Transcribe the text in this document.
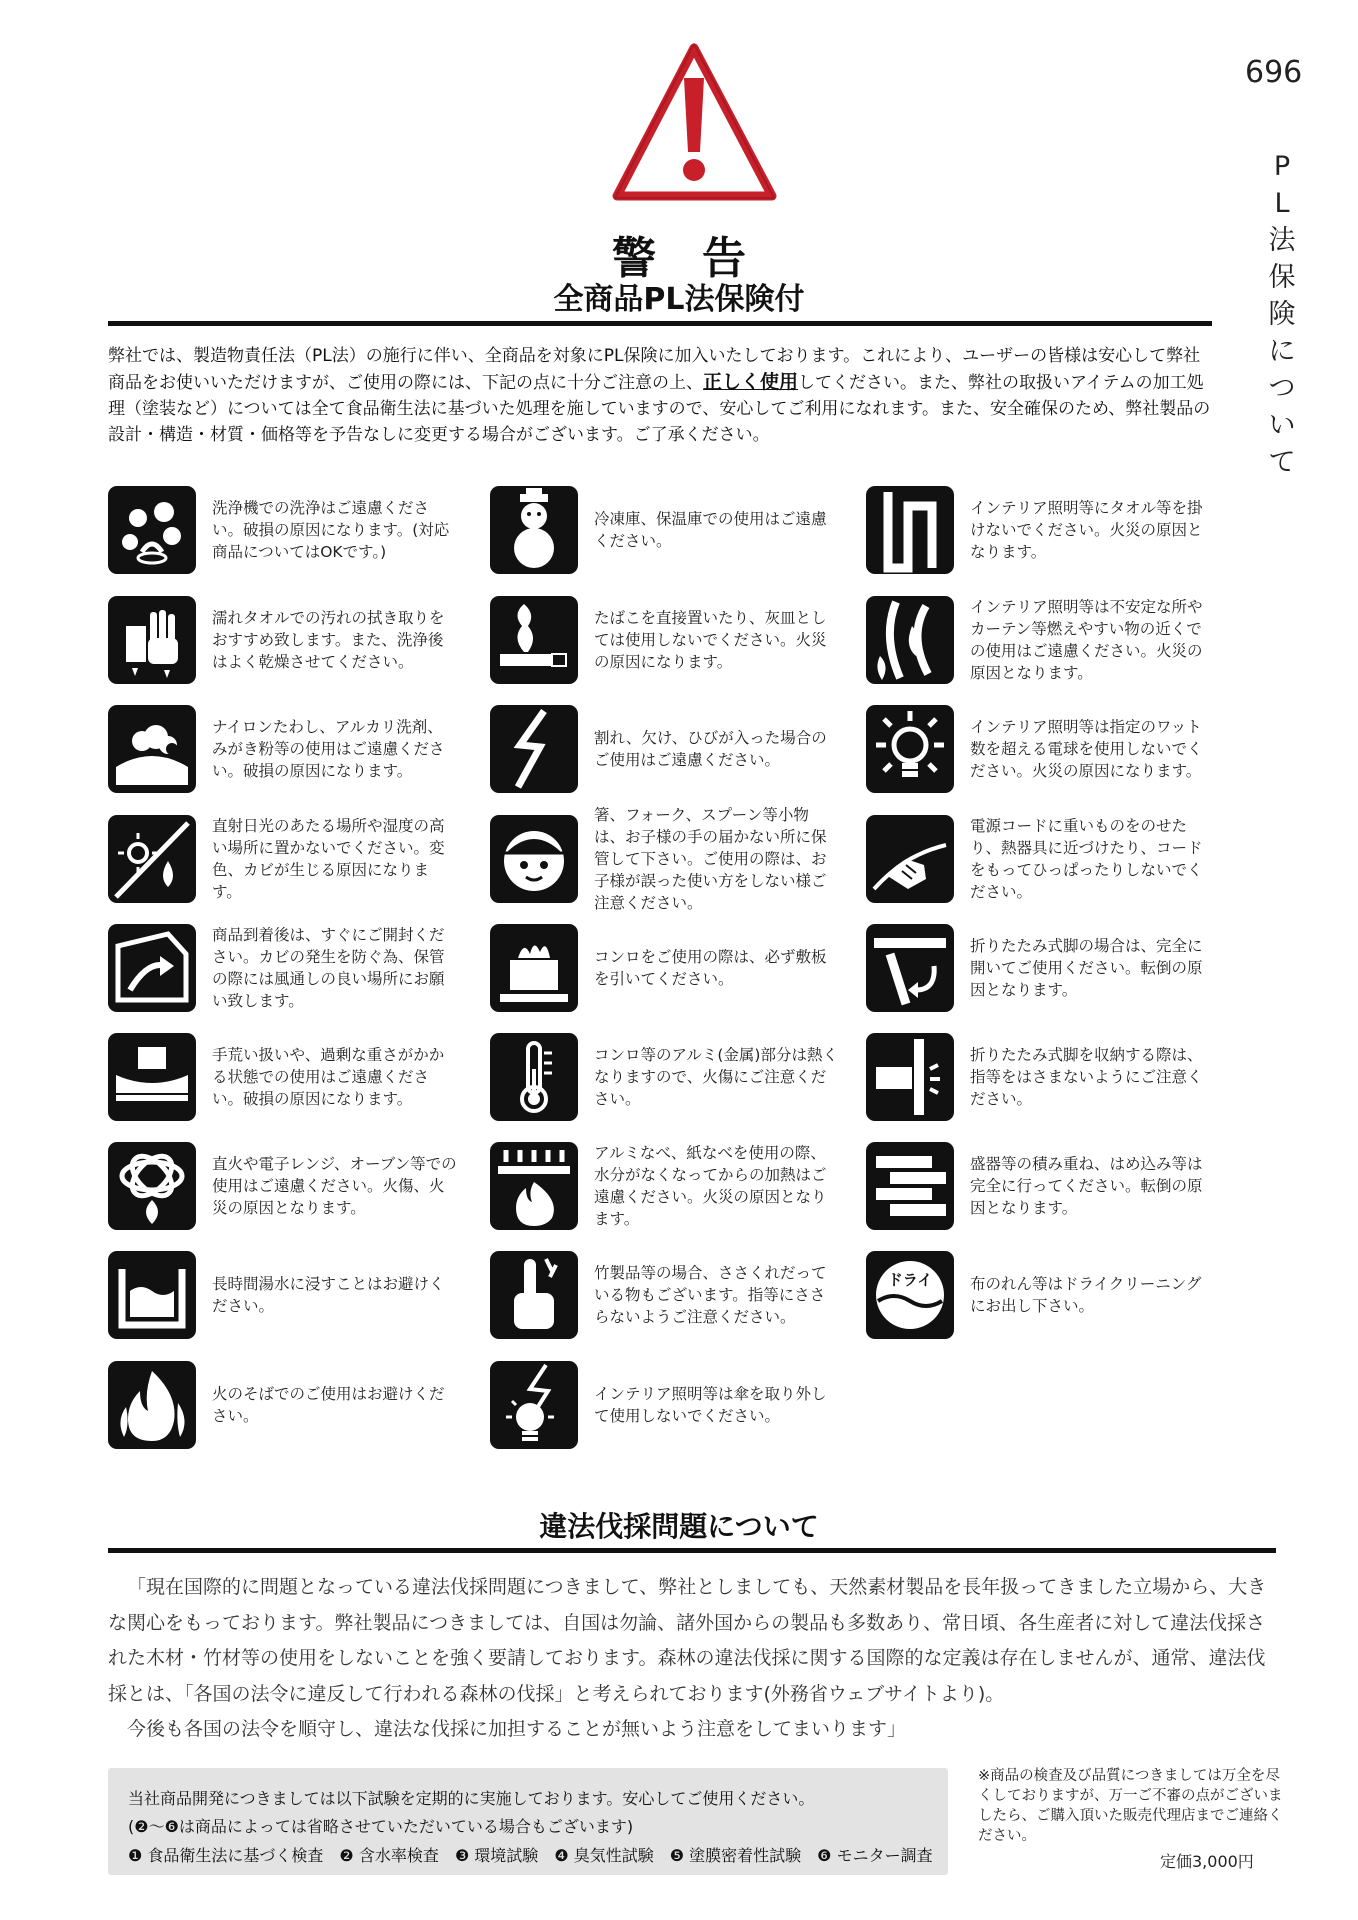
696
P
L
法
保
険
に
つ
い
て
警告
全商品PL法保険付
弊社では、製造物責任法（PL法）の施行に伴い、全商品を対象にPL保険に加入いたしております。これにより、ユーザーの皆様は安心して弊社商品をお使いいただけますが、ご使用の際には、下記の点に十分ご注意の上、正しく使用してください。また、弊社の取扱いアイテムの加工処理（塗装など）については全て食品衛生法に基づいた処理を施していますので、安心してご利用になれます。また、安全確保のため、弊社製品の設計・構造・材質・価格等を予告なしに変更する場合がございます。ご了承ください。
洗浄機での洗浄はご遠慮ください。破損の原因になります。(対応商品についてはOKです。)
濡れタオルでの汚れの拭き取りをおすすめ致します。また、洗浄後はよく乾燥させてください。
ナイロンたわし、アルカリ洗剤、みがき粉等の使用はご遠慮ください。破損の原因になります。
直射日光のあたる場所や湿度の高い場所に置かないでください。変色、カビが生じる原因になります。
商品到着後は、すぐにご開封ください。カビの発生を防ぐ為、保管の際には風通しの良い場所にお願い致します。
手荒い扱いや、過剰な重さがかかる状態での使用はご遠慮ください。破損の原因になります。
直火や電子レンジ、オーブン等での使用はご遠慮ください。火傷、火災の原因となります。
長時間湯水に浸すことはお避けください。
火のそばでのご使用はお避けください。
冷凍庫、保温庫での使用はご遠慮ください。
たばこを直接置いたり、灰皿としては使用しないでください。火災の原因になります。
割れ、欠け、ひびが入った場合のご使用はご遠慮ください。
箸、フォーク、スプーン等小物は、お子様の手の届かない所に保管して下さい。ご使用の際は、お子様が誤った使い方をしない様ご注意ください。
コンロをご使用の際は、必ず敷板を引いてください。
コンロ等のアルミ(金属)部分は熱くなりますので、火傷にご注意ください。
アルミなべ、紙なべを使用の際、水分がなくなってからの加熱はご遠慮ください。火災の原因となります。
竹製品等の場合、ささくれだっている物もございます。指等にささらないようご注意ください。
インテリア照明等は傘を取り外して使用しないでください。
インテリア照明等にタオル等を掛けないでください。火災の原因となります。
インテリア照明等は不安定な所やカーテン等燃えやすい物の近くでの使用はご遠慮ください。火災の原因となります。
インテリア照明等は指定のワット数を超える電球を使用しないでください。火災の原因になります。
電源コードに重いものをのせたり、熱器具に近づけたり、コードをもってひっぱったりしないでください。
折りたたみ式脚の場合は、完全に開いてご使用ください。転倒の原因となります。
折りたたみ式脚を収納する際は、指等をはさまないようにご注意ください。
盛器等の積み重ね、はめ込み等は完全に行ってください。転倒の原因となります。
ドライ 布のれん等はドライクリーニングにお出し下さい。
違法伐採問題について

「現在国際的に問題となっている違法伐採問題につきまして、弊社としましても、天然素材製品を長年扱ってきました立場から、大きな関心をもっております。弊社製品につきましては、自国は勿論、諸外国からの製品も多数あり、常日頃、各生産者に対して違法伐採された木材・竹材等の使用をしないことを強く要請しております。森林の違法伐採に関する国際的な定義は存在しませんが、通常、違法伐採とは、「各国の法令に違反して行われる森林の伐採」と考えられております(外務省ウェブサイトより)。

今後も各国の法令を順守し、違法な伐採に加担することが無いよう注意をしてまいります」

当社商品開発につきましては以下試験を定期的に実施しております。安心してご使用ください。
(❷～❻は商品によっては省略させていただいている場合もございます)
❶ 食品衛生法に基づく検査　❷ 含水率検査　❸ 環境試験　❹ 臭気性試験　❺ 塗膜密着性試験　❻ モニター調査
※商品の検査及び品質につきましては万全を尽くしておりますが、万一ご不審の点がございましたら、ご購入頂いた販売代理店までご連絡ください。
定価3,000円
